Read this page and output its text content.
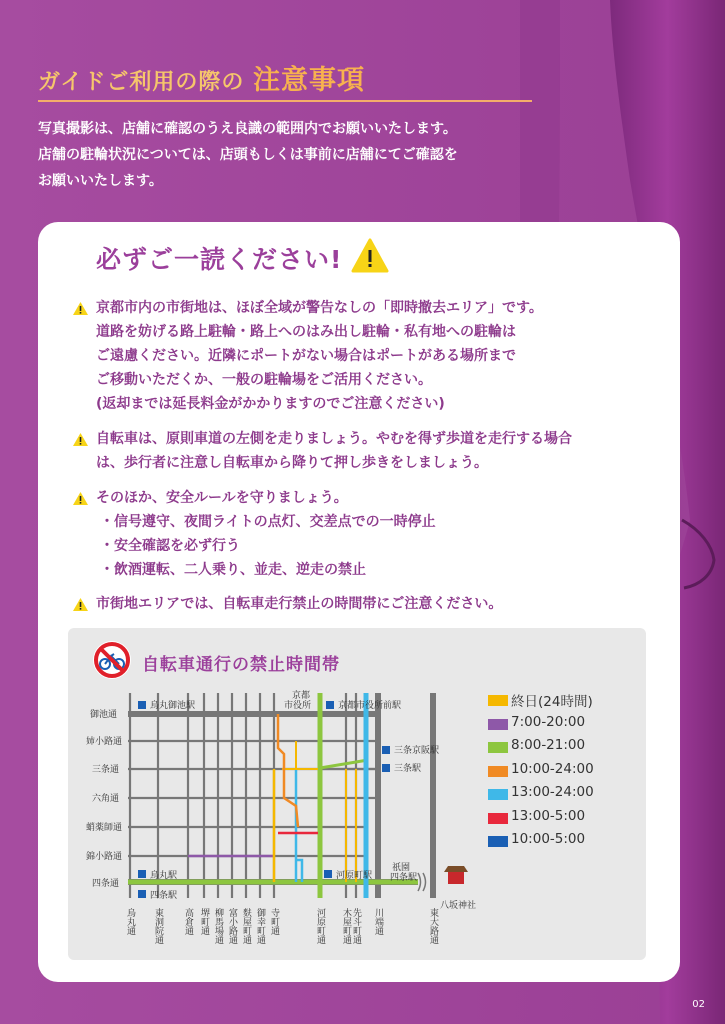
ガイドご利用の際の 注意事項

写真撮影は、店舗に確認のうえ良識の範囲内でお願いいたします。

店舗の駐輪状況については、店頭もしくは事前に店舗にてご確認を

お願いいたします。

必ずご一読ください!
京都市内の市街地は、ほぼ全域が警告なしの「即時撤去エリア」です。
道路を妨げる路上駐輪・路上へのはみ出し駐輪・私有地への駐輪は
ご遠慮ください。近隣にポートがない場合はポートがある場所まで
ご移動いただくか、一般の駐輪場をご活用ください。
(返却までは延長料金がかかりますのでご注意ください)
自転車は、原則車道の左側を走りましょう。やむを得ず歩道を走行する場合
は、歩行者に注意し自転車から降りて押し歩きをしましょう。
そのほか、安全ルールを守りましょう。
・信号遵守、夜間ライトの点灯、交差点での一時停止
・安全確認を必ず行う
・飲酒運転、二人乗り、並走、逆走の禁止
市街地エリアでは、自転車走行禁止の時間帯にご注意ください。
自転車通行の禁止時間帯
御池通
姉小路通
三条通
六角通
蛸薬師通
錦小路通
四条通
烏丸御池駅	京都市役所前駅
京都
市役所
三条京阪駅
三条駅
烏丸駅
四条駅
河原町駅
祇園
四条駅
八坂神社
烏丸通 東洞院通 高倉通 堺町通 柳馬場通 富小路通 麩屋町通 御幸町通 寺町通	河原町通 木屋町通 先斗町通 川端通	東大路通
終日(24時間)
7:00-20:00
8:00-21:00
10:00-24:00
13:00-24:00
13:00-5:00
10:00-5:00
02
